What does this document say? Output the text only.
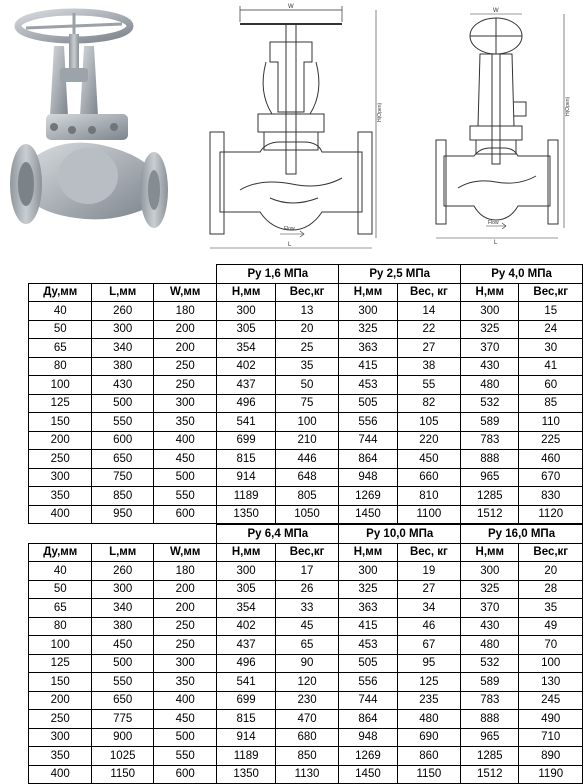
W
H(Open)
Flow
L
W
H(Open)
Flow
L
			Ру 1,6 МПа		Ру 2,5 МПа		Ру 4,0 МПа	
Ду,мм	L,мм	W,мм	Н,мм	Вес,кг	Н,мм	Вес, кг	Н,мм	Вес,кг
40	260	180	300	13	300	14	300	15
50	300	200	305	20	325	22	325	24
65	340	200	354	25	363	27	370	30
80	380	250	402	35	415	38	430	41
100	430	250	437	50	453	55	480	60
125	500	300	496	75	505	82	532	85
150	550	350	541	100	556	105	589	110
200	600	400	699	210	744	220	783	225
250	650	450	815	446	864	450	888	460
300	750	500	914	648	948	660	965	670
350	850	550	1189	805	1269	810	1285	830
400	950	600	1350	1050	1450	1100	1512	1120
			Ру 6,4 МПа		Ру 10,0 МПа		Ру 16,0 МПа	
Ду,мм	L,мм	W,мм	Н,мм	Вес,кг	Н,мм	Вес, кг	Н,мм	Вес,кг
40	260	180	300	17	300	19	300	20
50	300	200	305	26	325	27	325	28
65	340	200	354	33	363	34	370	35
80	380	250	402	45	415	46	430	49
100	450	250	437	65	453	67	480	70
125	500	300	496	90	505	95	532	100
150	550	350	541	120	556	125	589	130
200	650	400	699	230	744	235	783	245
250	775	450	815	470	864	480	888	490
300	900	500	914	680	948	690	965	710
350	1025	550	1189	850	1269	860	1285	890
400	1150	600	1350	1130	1450	1150	1512	1190
